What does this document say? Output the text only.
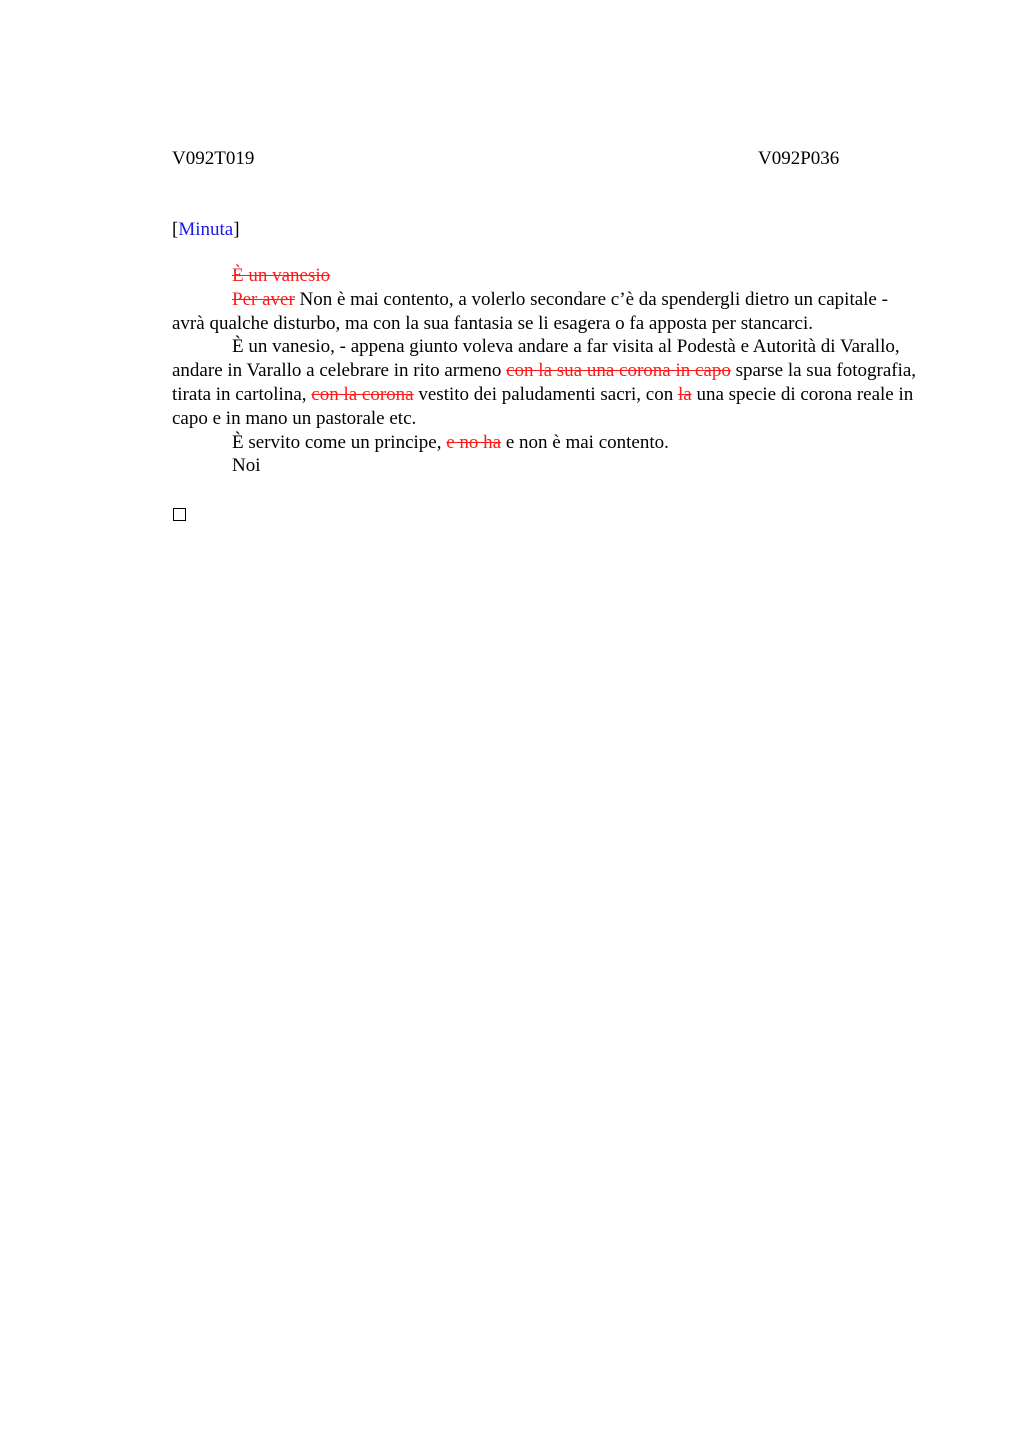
V092T019	V092P036
[Minuta]

È un vanesio

Per aver Non è mai contento, a volerlo secondare c’è da spendergli dietro un capitale - avrà qualche disturbo, ma con la sua fantasia se li esagera o fa apposta per stancarci.

È un vanesio, - appena giunto voleva andare a far visita al Podestà e Autorità di Varallo, andare in Varallo a celebrare in rito armeno con la sua una corona in capo sparse la sua fotografia, tirata in cartolina, con la corona vestito dei paludamenti sacri, con la una specie di corona reale in capo e in mano un pastorale etc.

È servito come un principe, e no ha e non è mai contento.

Noi
